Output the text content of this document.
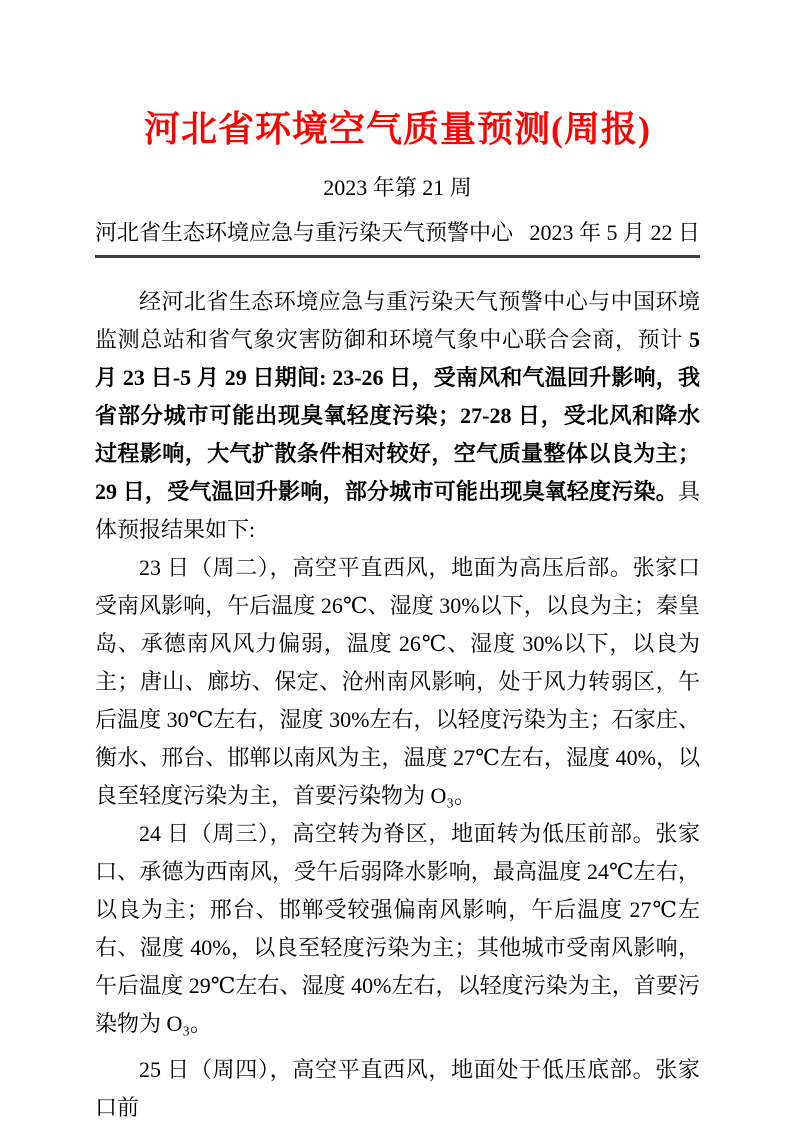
河北省环境空气质量预测(周报)
2023 年第 21 周
河北省生态环境应急与重污染天气预警中心 2023 年 5 月 22 日

经河北省生态环境应急与重污染天气预警中心与中国环境监测总站和省气象灾害防御和环境气象中心联合会商，预计 5 月 23 日-5 月 29 日期间: 23-26 日，受南风和气温回升影响，我省部分城市可能出现臭氧轻度污染；27-28 日，受北风和降水过程影响，大气扩散条件相对较好，空气质量整体以良为主；29 日，受气温回升影响，部分城市可能出现臭氧轻度污染。具体预报结果如下:

23 日（周二），高空平直西风，地面为高压后部。张家口受南风影响，午后温度 26℃、湿度 30%以下，以良为主；秦皇岛、承德南风风力偏弱，温度 26℃、湿度 30%以下，以良为主；唐山、廊坊、保定、沧州南风影响，处于风力转弱区，午后温度 30℃左右，湿度 30%左右，以轻度污染为主；石家庄、衡水、邢台、邯郸以南风为主，温度 27℃左右，湿度 40%，以良至轻度污染为主，首要污染物为 O₃。

24 日（周三），高空转为脊区，地面转为低压前部。张家口、承德为西南风，受午后弱降水影响，最高温度 24℃左右，以良为主；邢台、邯郸受较强偏南风影响，午后温度 27℃左右、湿度 40%，以良至轻度污染为主；其他城市受南风影响，午后温度 29℃左右、湿度 40%左右，以轻度污染为主，首要污染物为 O₃。

25 日（周四），高空平直西风，地面处于低压底部。张家口前
